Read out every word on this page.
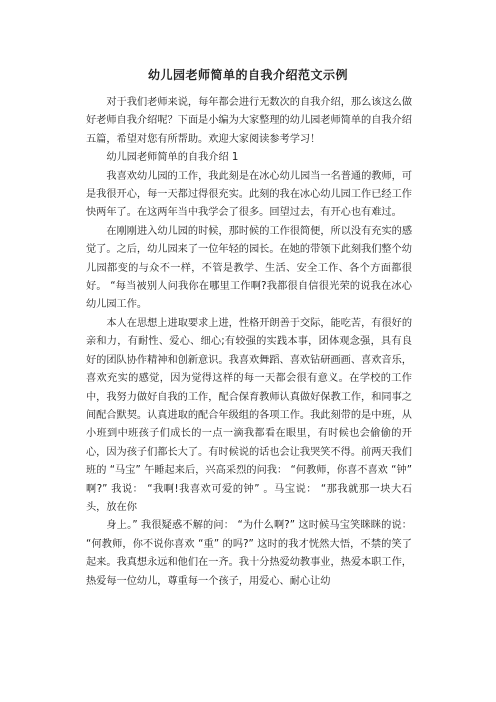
幼儿园老师简单的自我介绍范文示例

对于我们老师来说，每年都会进行无数次的自我介绍，那么该这么做好老师自我介绍呢？下面是小编为大家整理的幼儿园老师简单的自我介绍五篇，希望对您有所帮助。欢迎大家阅读参考学习！

幼儿园老师简单的自我介绍 1

我喜欢幼儿园的工作，我此刻是在冰心幼儿园当一名普通的教师，可是我很开心，每一天都过得很充实。此刻的我在冰心幼儿园工作已经工作快两年了。在这两年当中我学会了很多。回望过去，有开心也有难过。

在刚刚进入幼儿园的时候，那时候的工作很简便，所以没有充实的感觉了。之后，幼儿园来了一位年轻的园长。在她的带领下此刻我们整个幼儿园都变的与众不一样，不管是教学、生活、安全工作、各个方面都很好。 “每当被别人问我你在哪里工作啊?我都很自信很光荣的说我在冰心幼儿园工作。

本人在思想上进取要求上进，性格开朗善于交际，能吃苦，有很好的亲和力，有耐性、爱心、细心;有较强的实践本事，团体观念强，具有良好的团队协作精神和创新意识。我喜欢舞蹈、喜欢钻研画画、喜欢音乐，喜欢充实的感觉，因为觉得这样的每一天都会很有意义。在学校的工作中，我努力做好自我的工作，配合保育教师认真做好保教工作，和同事之间配合默契。认真进取的配合年级组的各项工作。我此刻带的是中班，从小班到中班孩子们成长的一点一滴我都看在眼里，有时候也会偷偷的开心，因为孩子们都长大了。有时候说的话也会让我哭笑不得。前两天我们班的 “马宝” 午睡起来后，兴高采烈的问我： “何教师，你喜不喜欢 “钟” 啊?” 我说： “我啊!我喜欢可爱的钟” 。马宝说： “那我就那一块大石头，放在你

身上。” 我很疑惑不解的问： “为什么啊?” 这时候马宝笑眯眯的说： “何教师，你不说你喜欢 “重” 的吗?” 这时的我才恍然大悟，不禁的笑了起来。我真想永远和他们在一齐。我十分热爱幼教事业，热爱本职工作，热爱每一位幼儿，尊重每一个孩子，用爱心、耐心让幼
